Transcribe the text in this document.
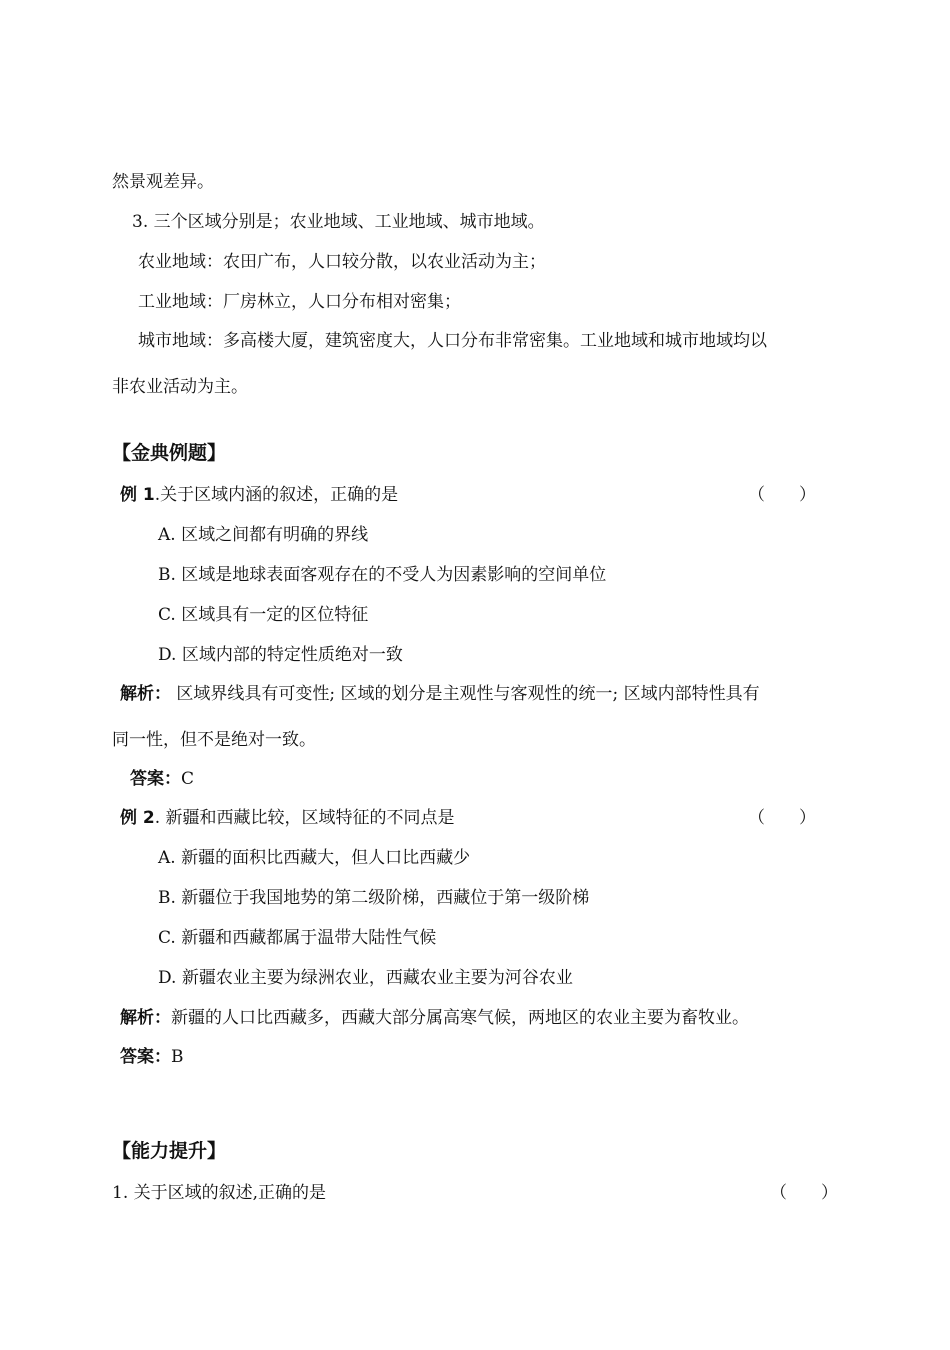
然景观差异。
3. 三个区域分别是；农业地域、工业地域、城市地域。
农业地域：农田广布，人口较分散，以农业活动为主；
工业地域：厂房林立，人口分布相对密集；
城市地域：多高楼大厦，建筑密度大，人口分布非常密集。工业地域和城市地域均以
非农业活动为主。
【金典例题】
例 1.关于区域内涵的叙述，正确的是	（　　）
A. 区域之间都有明确的界线
B. 区域是地球表面客观存在的不受人为因素影响的空间单位
C. 区域具有一定的区位特征
D. 区域内部的特定性质绝对一致
解析： 区域界线具有可变性; 区域的划分是主观性与客观性的统一; 区域内部特性具有
同一性，但不是绝对一致。
答案：C
例 2. 新疆和西藏比较，区域特征的不同点是	（　　）
A. 新疆的面积比西藏大，但人口比西藏少
B. 新疆位于我国地势的第二级阶梯，西藏位于第一级阶梯
C. 新疆和西藏都属于温带大陆性气候
D. 新疆农业主要为绿洲农业，西藏农业主要为河谷农业
解析：新疆的人口比西藏多，西藏大部分属高寒气候，两地区的农业主要为畜牧业。
答案：B
【能力提升】
1. 关于区域的叙述,正确的是	（　　）
